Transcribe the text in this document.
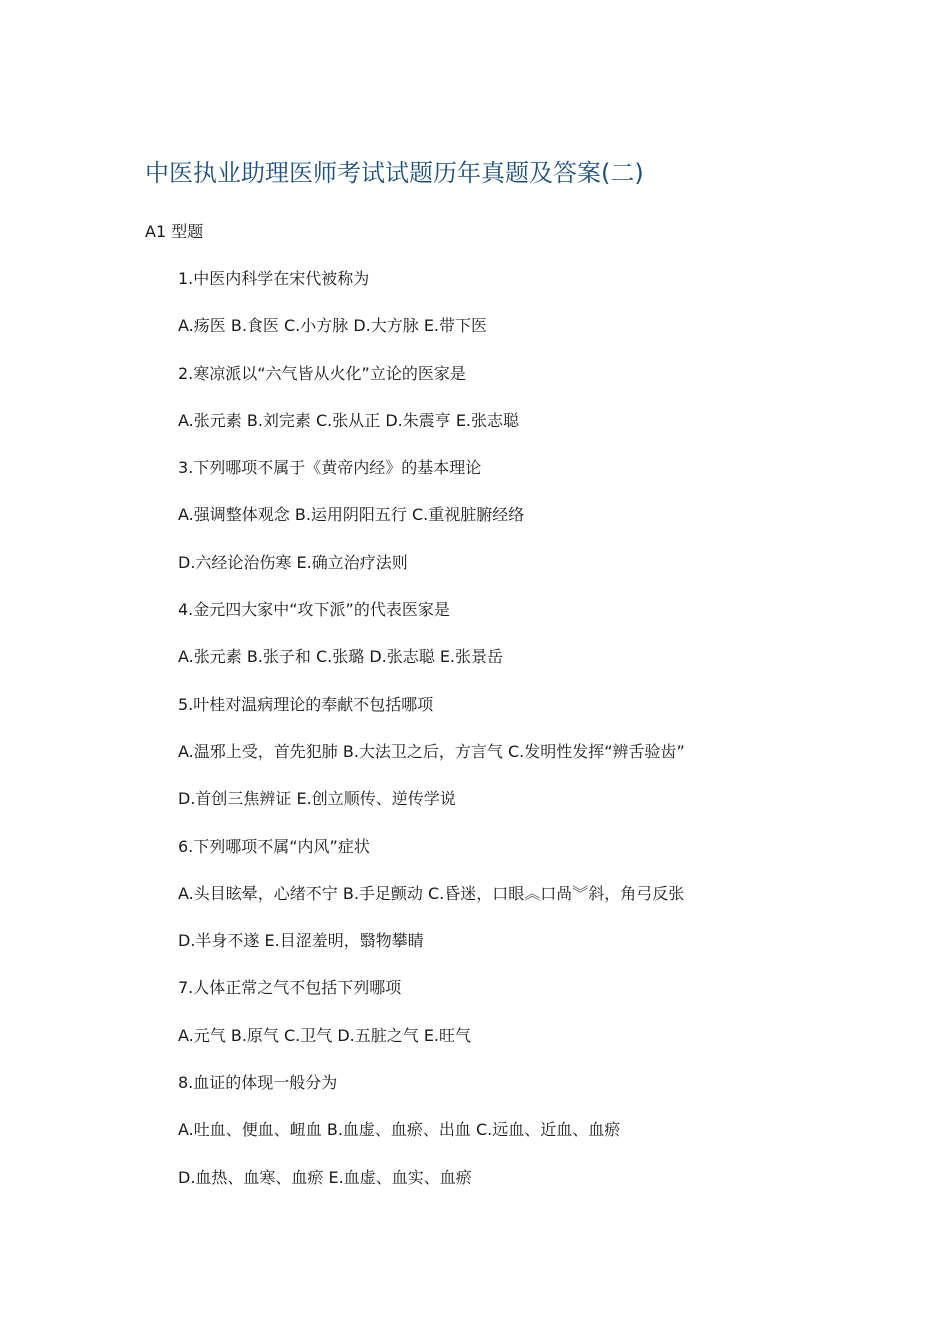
中医执业助理医师考试试题历年真题及答案(二)

A1 型题

1.中医内科学在宋代被称为
A.疡医 B.食医 C.小方脉 D.大方脉 E.带下医
2.寒凉派以“六气皆从火化”立论的医家是
A.张元素 B.刘完素 C.张从正 D.朱震亨 E.张志聪
3.下列哪项不属于《黄帝内经》的基本理论
A.强调整体观念 B.运用阴阳五行 C.重视脏腑经络
D.六经论治伤寒 E.确立治疗法则
4.金元四大家中“攻下派”的代表医家是
A.张元素 B.张子和 C.张璐 D.张志聪 E.张景岳
5.叶桂对温病理论的奉献不包括哪项
A.温邪上受，首先犯肺 B.大法卫之后，方言气 C.发明性发挥“辨舌验齿”
D.首创三焦辨证 E.创立顺传、逆传学说
6.下列哪项不属“内风”症状
A.头目眩晕，心绪不宁 B.手足颤动 C.昏迷，口眼︽口咼︾斜，角弓反张
D.半身不遂 E.目涩羞明，翳物攀睛
7.人体正常之气不包括下列哪项
A.元气 B.原气 C.卫气 D.五脏之气 E.旺气
8.血证的体现一般分为
A.吐血、便血、衄血 B.血虚、血瘀、出血 C.远血、近血、血瘀
D.血热、血寒、血瘀 E.血虚、血实、血瘀
